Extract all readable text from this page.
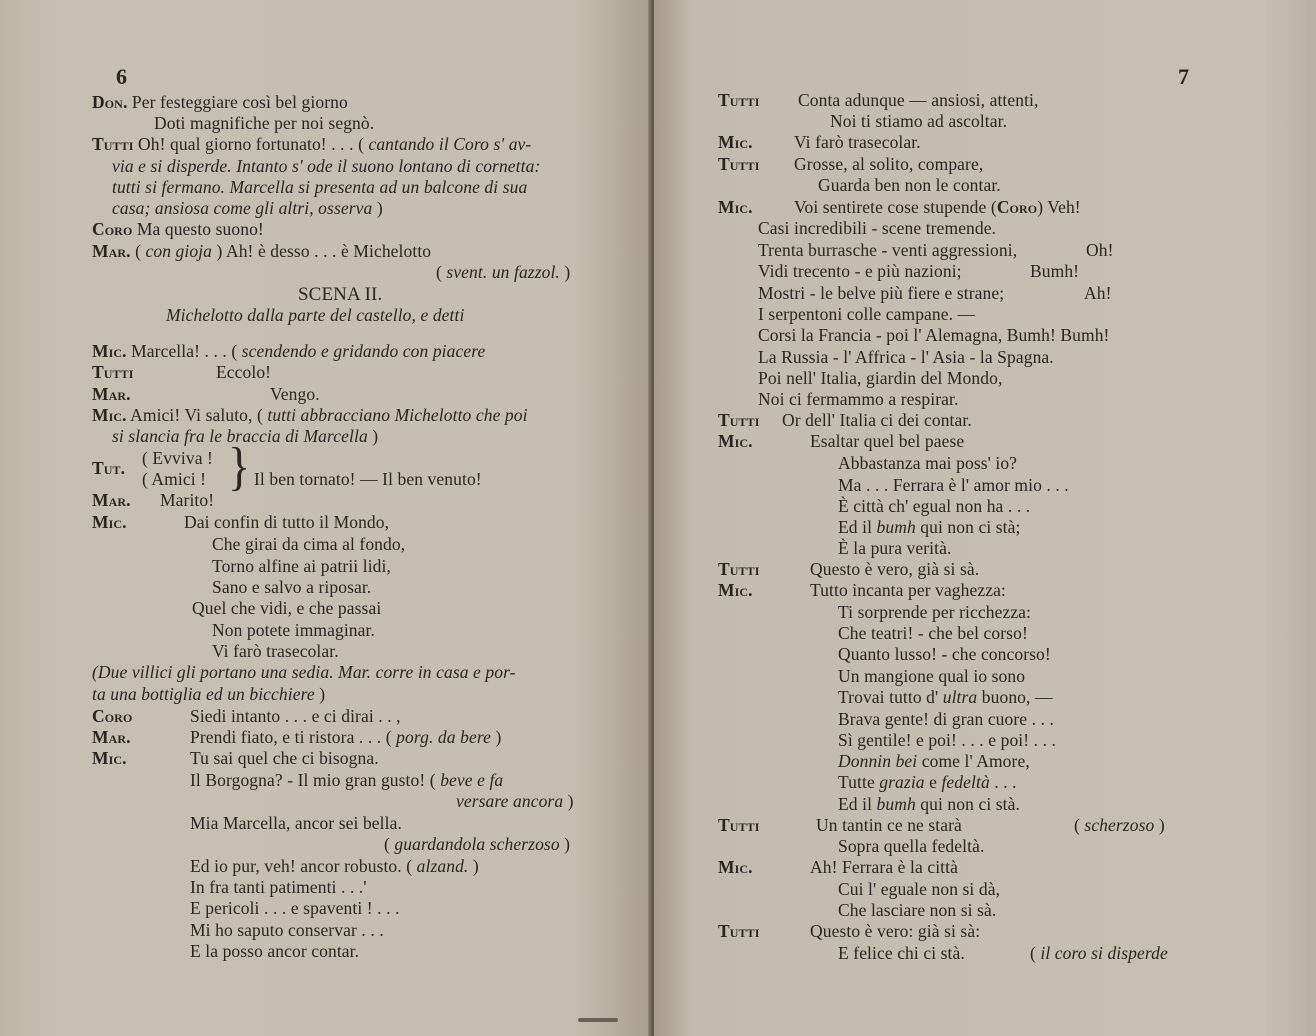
6
Don. Per festeggiare così bel giorno
Doti magnifiche per noi segnò.
Tutti Oh! qual giorno fortunato! . . . ( cantando il Coro s' av-
via e si disperde. Intanto s' ode il suono lontano di cornetta:
tutti si fermano. Marcella si presenta ad un balcone di sua
casa; ansiosa come gli altri, osserva )
Coro Ma questo suono!
Mar. ( con gioja ) Ah! è desso . . . è Michelotto
( svent. un fazzol. )
SCENA II.
Michelotto dalla parte del castello, e detti
Mic. Marcella! . . . ( scendendo e gridando con piacere
Tutti	Eccolo!
Mar.	Vengo.
Mic. Amici! Vi saluto, ( tutti abbracciano Michelotto che poi
si slancia fra le braccia di Marcella )
Tut. ( Evviva !
( Amici ! } Il ben tornato! — Il ben venuto!
Mar. Marito!
Mic.	Dai confin di tutto il Mondo,
Che girai da cima al fondo,
Torno alfine ai patrii lidi,
Sano e salvo a riposar.
Quel che vidi, e che passai
Non potete immaginar.
Vi farò trasecolar.
(Due villici gli portano una sedia. Mar. corre in casa e por-
ta una bottiglia ed un bicchiere )
Coro	Siedi intanto . . . e ci dirai . . ,
Mar.	Prendi fiato, e ti ristora . . . ( porg. da bere )
Mic.	Tu sai quel che ci bisogna.
Il Borgogna? - Il mio gran gusto! ( beve e fa
versare ancora )
Mia Marcella, ancor sei bella.
( guardandola scherzoso )
Ed io pur, veh! ancor robusto. ( alzand. )
In fra tanti patimenti . . .'
E pericoli . . . e spaventi ! . . .
Mi ho saputo conservar . . .
E la posso ancor contar.
7
Tutti Conta adunque — ansiosi, attenti,
Noi ti stiamo ad ascoltar.
Mic. Vi farò trasecolar.
Tutti Grosse, al solito, compare,
Guarda ben non le contar.
Mic. Voi sentirete cose stupende (Coro) Veh!
Casi incredibili - scene tremende.
Trenta burrasche - venti aggressioni,	Oh!
Vidi trecento - e più nazioni;	Bumh!
Mostri - le belve più fiere e strane;	Ah!
I serpentoni colle campane. —
Corsi la Francia - poi l' Alemagna, Bumh! Bumh!
La Russia - l' Affrica - l' Asia - la Spagna.
Poi nell' Italia, giardin del Mondo,
Noi ci fermammo a respirar.
Tutti Or dell' Italia ci dei contar.
Mic.	Esaltar quel bel paese
Abbastanza mai poss' io?
Ma . . . Ferrara è l' amor mio . . .
È città ch' egual non ha . . .
Ed il bumh qui non ci stà;
È la pura verità.
Tutti	Questo è vero, già si sà.
Mic.	Tutto incanta per vaghezza:
Ti sorprende per ricchezza:
Che teatri! - che bel corso!
Quanto lusso! - che concorso!
Un mangione qual io sono
Trovai tutto d' ultra buono, —
Brava gente! di gran cuore . . .
Sì gentile! e poi! . . . e poi! . . .
Donnin bei come l' Amore,
Tutte grazia e fedeltà . . .
Ed il bumh qui non ci stà.
Tutti	Un tantin ce ne starà	( scherzoso )
Sopra quella fedeltà.
Mic.	Ah! Ferrara è la città
Cui l' eguale non si dà,
Che lasciare non si sà.
Tutti	Questo è vero: già si sà:
E felice chi ci stà.	( il coro si disperde
